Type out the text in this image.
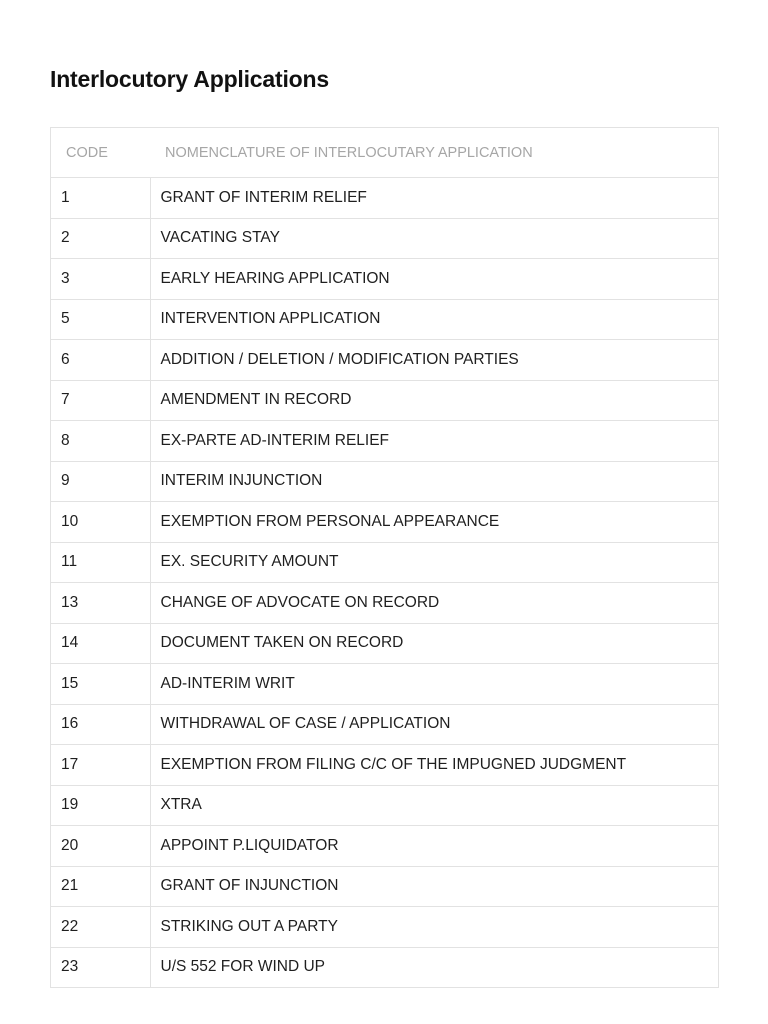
Interlocutory Applications
CODE	NOMENCLATURE OF INTERLOCUTARY APPLICATION
1	GRANT OF INTERIM RELIEF
2	VACATING STAY
3	EARLY HEARING APPLICATION
5	INTERVENTION APPLICATION
6	ADDITION / DELETION / MODIFICATION PARTIES
7	AMENDMENT IN RECORD
8	EX-PARTE AD-INTERIM RELIEF
9	INTERIM INJUNCTION
10	EXEMPTION FROM PERSONAL APPEARANCE
11	EX. SECURITY AMOUNT
13	CHANGE OF ADVOCATE ON RECORD
14	DOCUMENT TAKEN ON RECORD
15	AD-INTERIM WRIT
16	WITHDRAWAL OF CASE / APPLICATION
17	EXEMPTION FROM FILING C/C OF THE IMPUGNED JUDGMENT
19	XTRA
20	APPOINT P.LIQUIDATOR
21	GRANT OF INJUNCTION
22	STRIKING OUT A PARTY
23	U/S 552 FOR WIND UP
